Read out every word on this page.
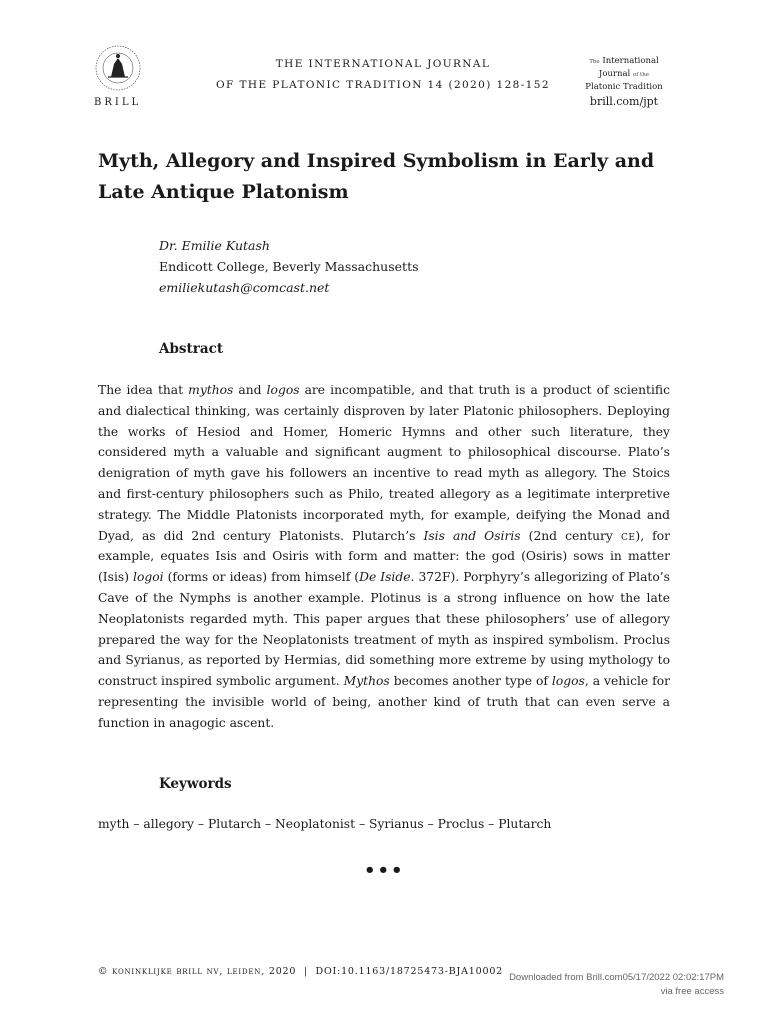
BRILL
THE INTERNATIONAL JOURNAL
OF THE PLATONIC TRADITION 14 (2020) 128-152
The International
Journal of the
Platonic Tradition
brill.com/jpt
Myth, Allegory and Inspired Symbolism in Early and Late Antique Platonism
Dr. Emilie Kutash
Endicott College, Beverly Massachusetts
emiliekutash@comcast.net
Abstract
The idea that mythos and logos are incompatible, and that truth is a product of scientific and dialectical thinking, was certainly disproven by later Platonic philosophers. Deploying the works of Hesiod and Homer, Homeric Hymns and other such literature, they considered myth a valuable and significant augment to philosophical discourse. Plato’s denigration of myth gave his followers an incentive to read myth as allegory. The Stoics and first-century philosophers such as Philo, treated allegory as a legitimate interpretive strategy. The Middle Platonists incorporated myth, for example, deifying the Monad and Dyad, as did 2nd century Platonists. Plutarch’s Isis and Osiris (2nd century ce), for example, equates Isis and Osiris with form and matter: the god (Osiris) sows in matter (Isis) logoi (forms or ideas) from himself (De Iside. 372F). Porphyry’s allegorizing of Plato’s Cave of the Nymphs is another example. Plotinus is a strong influence on how the late Neoplatonists regarded myth. This paper argues that these philosophers’ use of allegory prepared the way for the Neoplatonists treatment of myth as inspired symbolism. Proclus and Syrianus, as reported by Hermias, did something more extreme by using mythology to construct inspired symbolic argument. Mythos becomes another type of logos, a vehicle for representing the invisible world of being, another kind of truth that can even serve a function in anagogic ascent.
Keywords
myth – allegory – Plutarch – Neoplatonist – Syrianus – Proclus – Plutarch
•••
© koninklijke brill nv, leiden, 2020 | DOI:10.1163/18725473-BJA10002
Downloaded from Brill.com05/17/2022 02:02:17PM
via free access
